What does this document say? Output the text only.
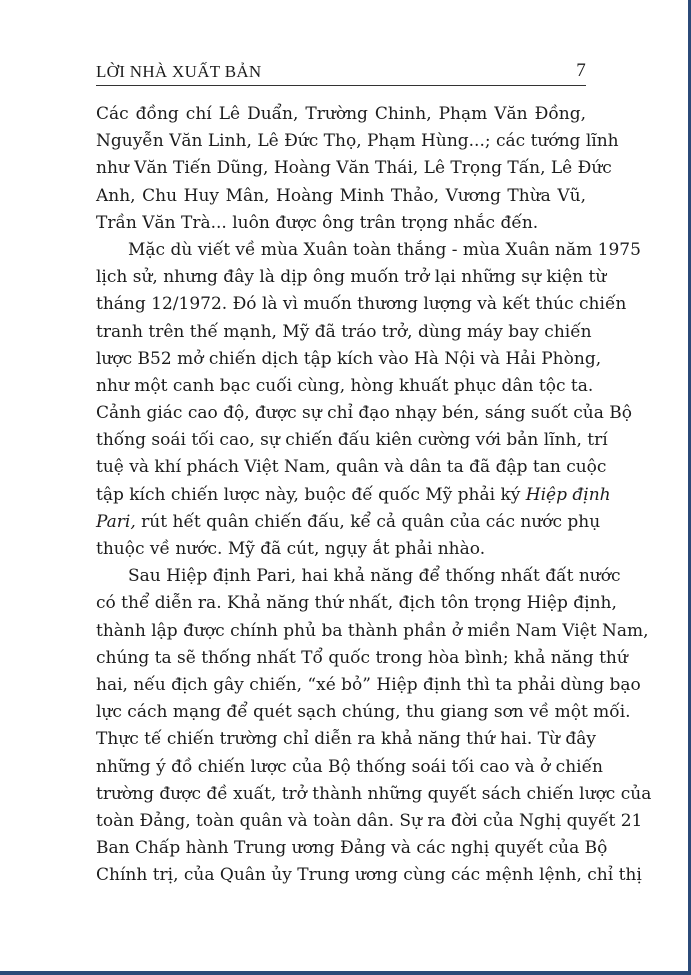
LỜI NHÀ XUẤT BẢN	7
Các đồng chí Lê Duẩn, Trường Chinh, Phạm Văn Đồng,
Nguyễn Văn Linh, Lê Đức Thọ, Phạm Hùng...; các tướng lĩnh
như Văn Tiến Dũng, Hoàng Văn Thái, Lê Trọng Tấn, Lê Đức
Anh, Chu Huy Mân, Hoàng Minh Thảo, Vương Thừa Vũ,
Trần Văn Trà... luôn được ông trân trọng nhắc đến.
Mặc dù viết về mùa Xuân toàn thắng - mùa Xuân năm 1975
lịch sử, nhưng đây là dịp ông muốn trở lại những sự kiện từ
tháng 12/1972. Đó là vì muốn thương lượng và kết thúc chiến
tranh trên thế mạnh, Mỹ đã tráo trở, dùng máy bay chiến
lược B52 mở chiến dịch tập kích vào Hà Nội và Hải Phòng,
như một canh bạc cuối cùng, hòng khuất phục dân tộc ta.
Cảnh giác cao độ, được sự chỉ đạo nhạy bén, sáng suốt của Bộ
thống soái tối cao, sự chiến đấu kiên cường với bản lĩnh, trí
tuệ và khí phách Việt Nam, quân và dân ta đã đập tan cuộc
tập kích chiến lược này, buộc đế quốc Mỹ phải ký Hiệp định
Pari, rút hết quân chiến đấu, kể cả quân của các nước phụ
thuộc về nước. Mỹ đã cút, ngụy ắt phải nhào.
Sau Hiệp định Pari, hai khả năng để thống nhất đất nước
có thể diễn ra. Khả năng thứ nhất, địch tôn trọng Hiệp định,
thành lập được chính phủ ba thành phần ở miền Nam Việt Nam,
chúng ta sẽ thống nhất Tổ quốc trong hòa bình; khả năng thứ
hai, nếu địch gây chiến, “xé bỏ” Hiệp định thì ta phải dùng bạo
lực cách mạng để quét sạch chúng, thu giang sơn về một mối.
Thực tế chiến trường chỉ diễn ra khả năng thứ hai. Từ đây
những ý đồ chiến lược của Bộ thống soái tối cao và ở chiến
trường được đề xuất, trở thành những quyết sách chiến lược của
toàn Đảng, toàn quân và toàn dân. Sự ra đời của Nghị quyết 21
Ban Chấp hành Trung ương Đảng và các nghị quyết của Bộ
Chính trị, của Quân ủy Trung ương cùng các mệnh lệnh, chỉ thị
